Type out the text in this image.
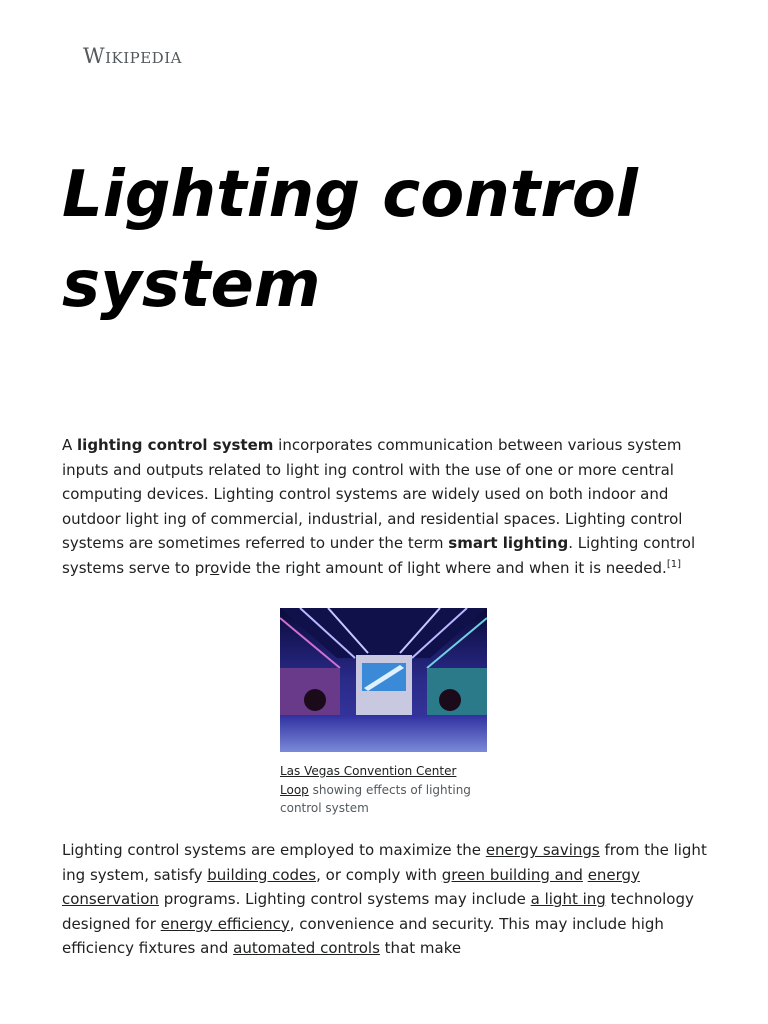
Wikipedia
Lighting control system

A lighting control system incorporates communication between various system inputs and outputs related to light ing control with the use of one or more central computing devices. Lighting control systems are widely used on both indoor and outdoor light ing of commercial, industrial, and residential spaces. Lighting control systems are sometimes referred to under the term smart lighting. Lighting control systems serve to provide the right amount of light where and when it is needed.[1]

Las Vegas Convention Center Loop showing effects of lighting control system

Lighting control systems are employed to maximize the energy savings from the light ing system, satisfy building codes, or comply with green building and energy conservation programs. Lighting control systems may include a light ing technology designed for energy efficiency, convenience and security. This may include high efficiency fixtures and automated controls that make
